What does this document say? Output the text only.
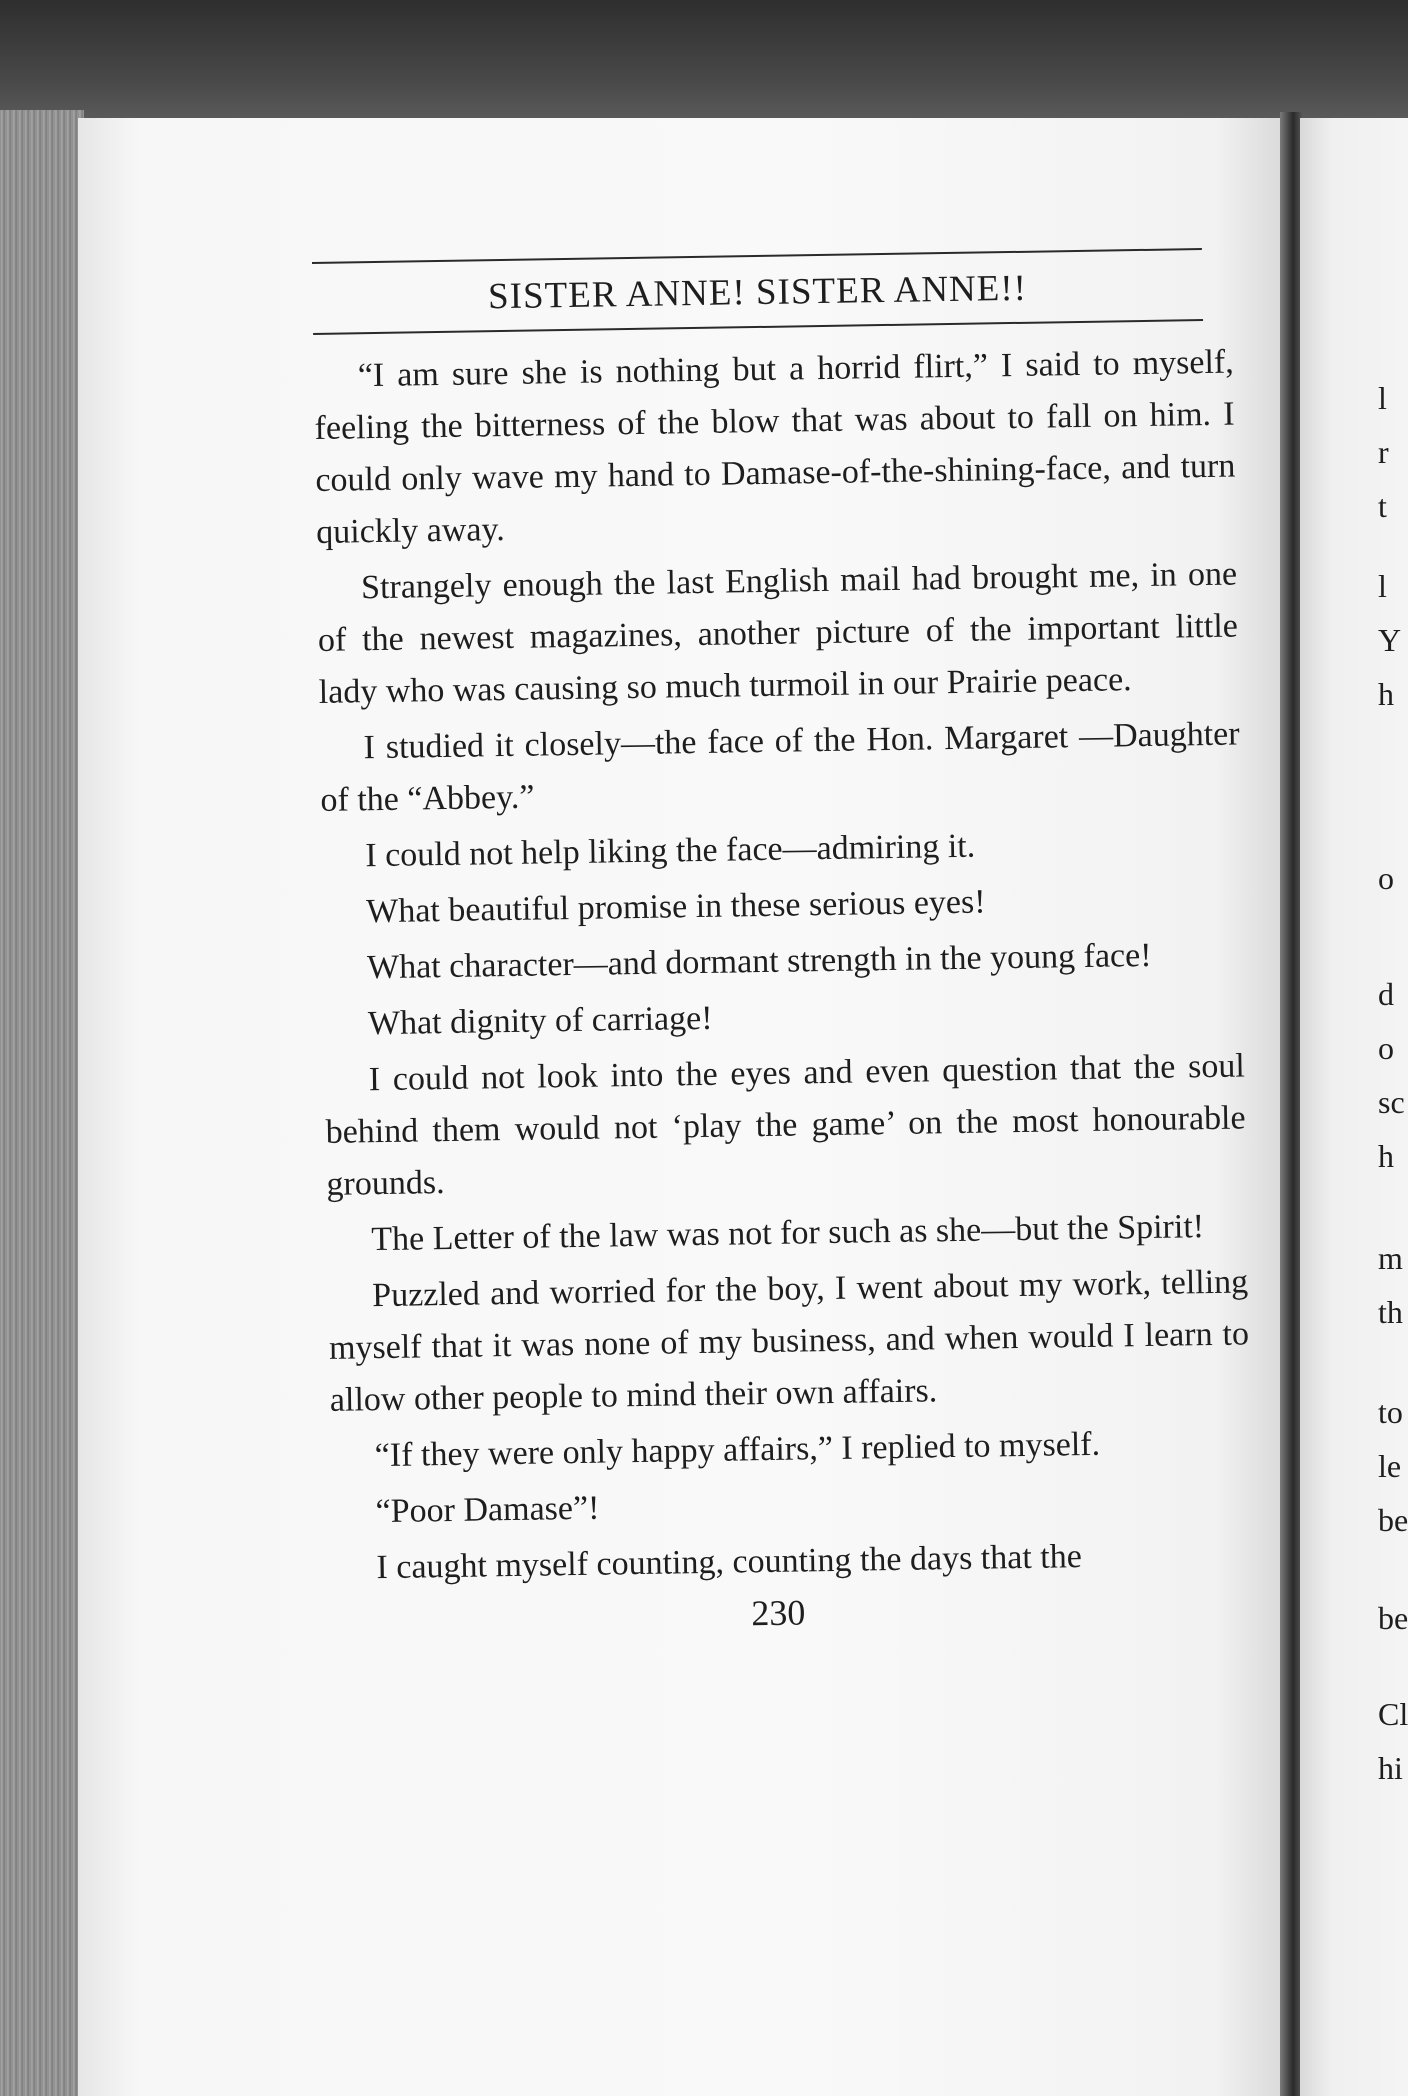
SISTER ANNE! SISTER ANNE!!

“I am sure she is nothing but a horrid flirt,” I said to myself, feeling the bitterness of the blow that was about to fall on him. I could only wave my hand to Damase-of-the-shining-face, and turn quickly away.

Strangely enough the last English mail had brought me, in one of the newest magazines, another picture of the important little lady who was causing so much turmoil in our Prairie peace.

I studied it closely—the face of the Hon. Margaret —Daughter of the “Abbey.”

I could not help liking the face—admiring it.

What beautiful promise in these serious eyes!

What character—and dormant strength in the young face!

What dignity of carriage!

I could not look into the eyes and even question that the soul behind them would not ‘play the game’ on the most honourable grounds.

The Letter of the law was not for such as she—but the Spirit!

Puzzled and worried for the boy, I went about my work, telling myself that it was none of my business, and when would I learn to allow other people to mind their own affairs.

“If they were only happy affairs,” I replied to myself.

“Poor Damase”!

I caught myself counting, counting the days that the

230
l
r
t
l
Y
h
o
d
o
sc
h
m
th
to
le
be
be
Cl
hi
